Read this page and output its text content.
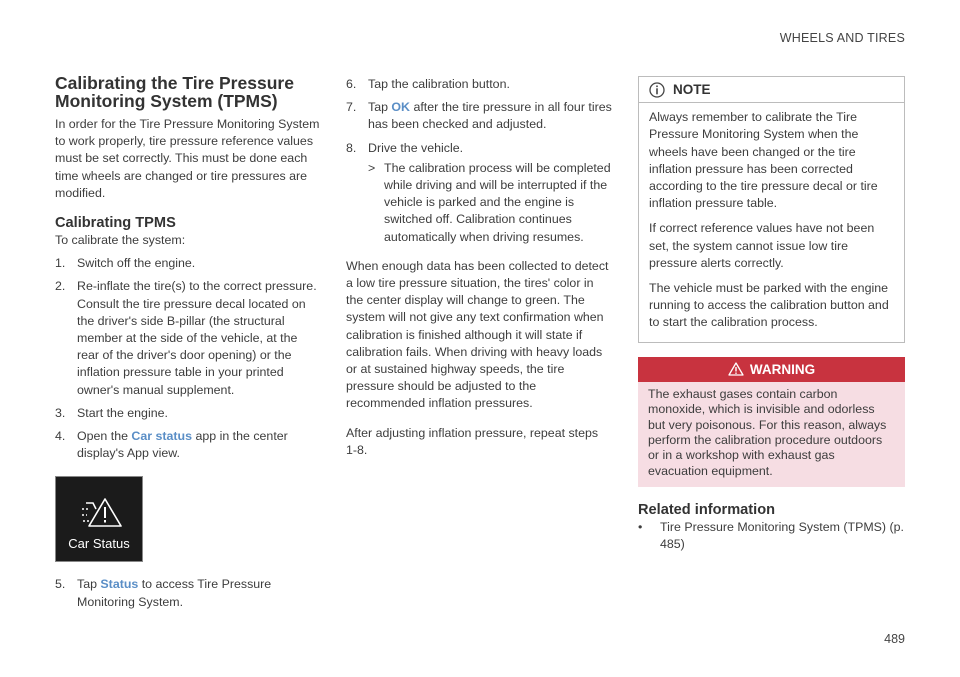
WHEELS AND TIRES
Calibrating the Tire Pressure Monitoring System (TPMS)

In order for the Tire Pressure Monitoring System to work properly, tire pressure reference values must be set correctly. This must be done each time wheels are changed or tire pressures are modified.

Calibrating TPMS

To calibrate the system:

1. Switch off the engine.
2. Re-inflate the tire(s) to the correct pressure. Consult the tire pressure decal located on the driver's side B-pillar (the structural member at the side of the vehicle, at the rear of the driver's door opening) or the inflation pressure table in your printed owner's manual supplement.
3. Start the engine.
4. Open the Car status app in the center display's App view.
Car Status
5. Tap Status to access Tire Pressure Monitoring System.
6. Tap the calibration button.
7. Tap OK after the tire pressure in all four tires has been checked and adjusted.
8. Drive the vehicle.
> The calibration process will be completed while driving and will be interrupted if the vehicle is parked and the engine is switched off. Calibration continues automatically when driving resumes.

When enough data has been collected to detect a low tire pressure situation, the tires' color in the center display will change to green. The system will not give any text confirmation when calibration is finished although it will state if calibration fails. When driving with heavy loads or at sustained highway speeds, the tire pressure should be adjusted to the recommended inflation pressures.

After adjusting inflation pressure, repeat steps 1-8.

NOTE

Always remember to calibrate the Tire Pressure Monitoring System when the wheels have been changed or the tire inflation pressure has been corrected according to the tire pressure decal or tire inflation pressure table.

If correct reference values have not been set, the system cannot issue low tire pressure alerts correctly.

The vehicle must be parked with the engine running to access the calibration button and to start the calibration process.

WARNING
The exhaust gases contain carbon monoxide, which is invisible and odorless but very poisonous. For this reason, always perform the calibration procedure outdoors or in a workshop with exhaust gas evacuation equipment.
Related information
• Tire Pressure Monitoring System (TPMS) (p. 485)
489
